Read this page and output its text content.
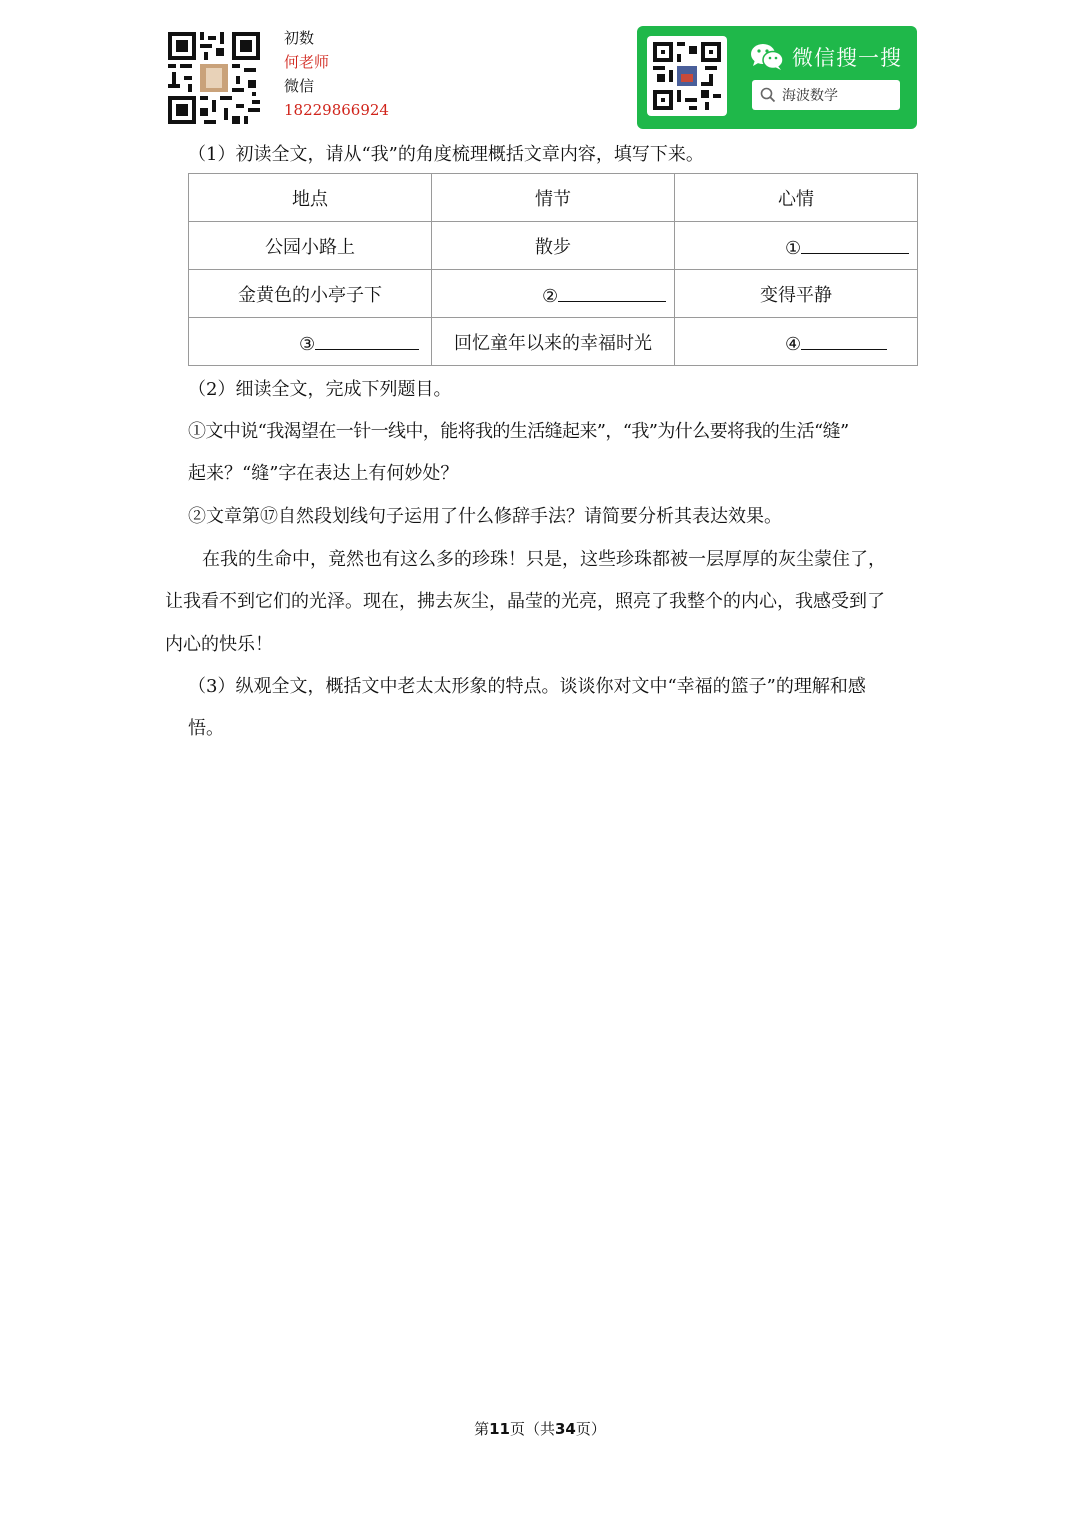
初数
何老师
微信
18229866924
微信搜一搜
海波数学
（1）初读全文，请从“我”的角度梳理概括文章内容，填写下来。
地点	情节	心情
公园小路上	散步	①
金黄色的小亭子下	②	变得平静
③	回忆童年以来的幸福时光	④
（2）细读全文，完成下列题目。
①文中说“我渴望在一针一线中，能将我的生活缝起来”，“我”为什么要将我的生活“缝”
起来？“缝”字在表达上有何妙处？
②文章第⑰自然段划线句子运用了什么修辞手法？请简要分析其表达效果。
在我的生命中，竟然也有这么多的珍珠！只是，这些珍珠都被一层厚厚的灰尘蒙住了，
让我看不到它们的光泽。现在，拂去灰尘，晶莹的光亮，照亮了我整个的内心，我感受到了
内心的快乐！
（3）纵观全文，概括文中老太太形象的特点。谈谈你对文中“幸福的篮子”的理解和感
悟。
第11页（共34页）
